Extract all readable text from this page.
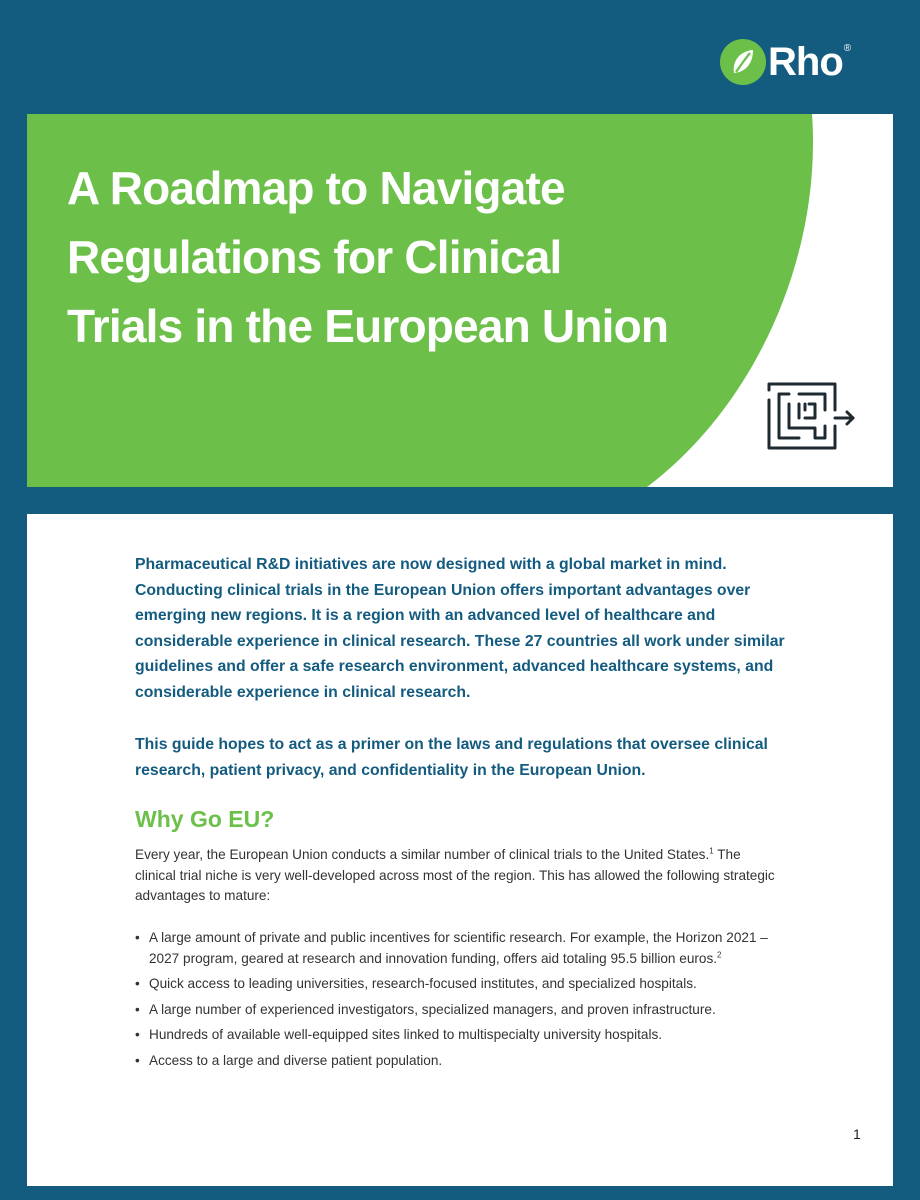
Rho ®
A Roadmap to Navigate Regulations for Clinical Trials in the European Union

Pharmaceutical R&D initiatives are now designed with a global market in mind. Conducting clinical trials in the European Union offers important advantages over emerging new regions. It is a region with an advanced level of healthcare and considerable experience in clinical research. These 27 countries all work under similar guidelines and offer a safe research environment, advanced healthcare systems, and considerable experience in clinical research.

This guide hopes to act as a primer on the laws and regulations that oversee clinical research, patient privacy, and confidentiality in the European Union.

Why Go EU?

Every year, the European Union conducts a similar number of clinical trials to the United States.$^1$ The clinical trial niche is very well-developed across most of the region. This has allowed the following strategic advantages to mature:

• A large amount of private and public incentives for scientific research. For example, the Horizon 2021 – 2027 program, geared at research and innovation funding, offers aid totaling 95.5 billion euros.$^2$
• Quick access to leading universities, research-focused institutes, and specialized hospitals.
• A large number of experienced investigators, specialized managers, and proven infrastructure.
• Hundreds of available well-equipped sites linked to multispecialty university hospitals.
• Access to a large and diverse patient population.
1
